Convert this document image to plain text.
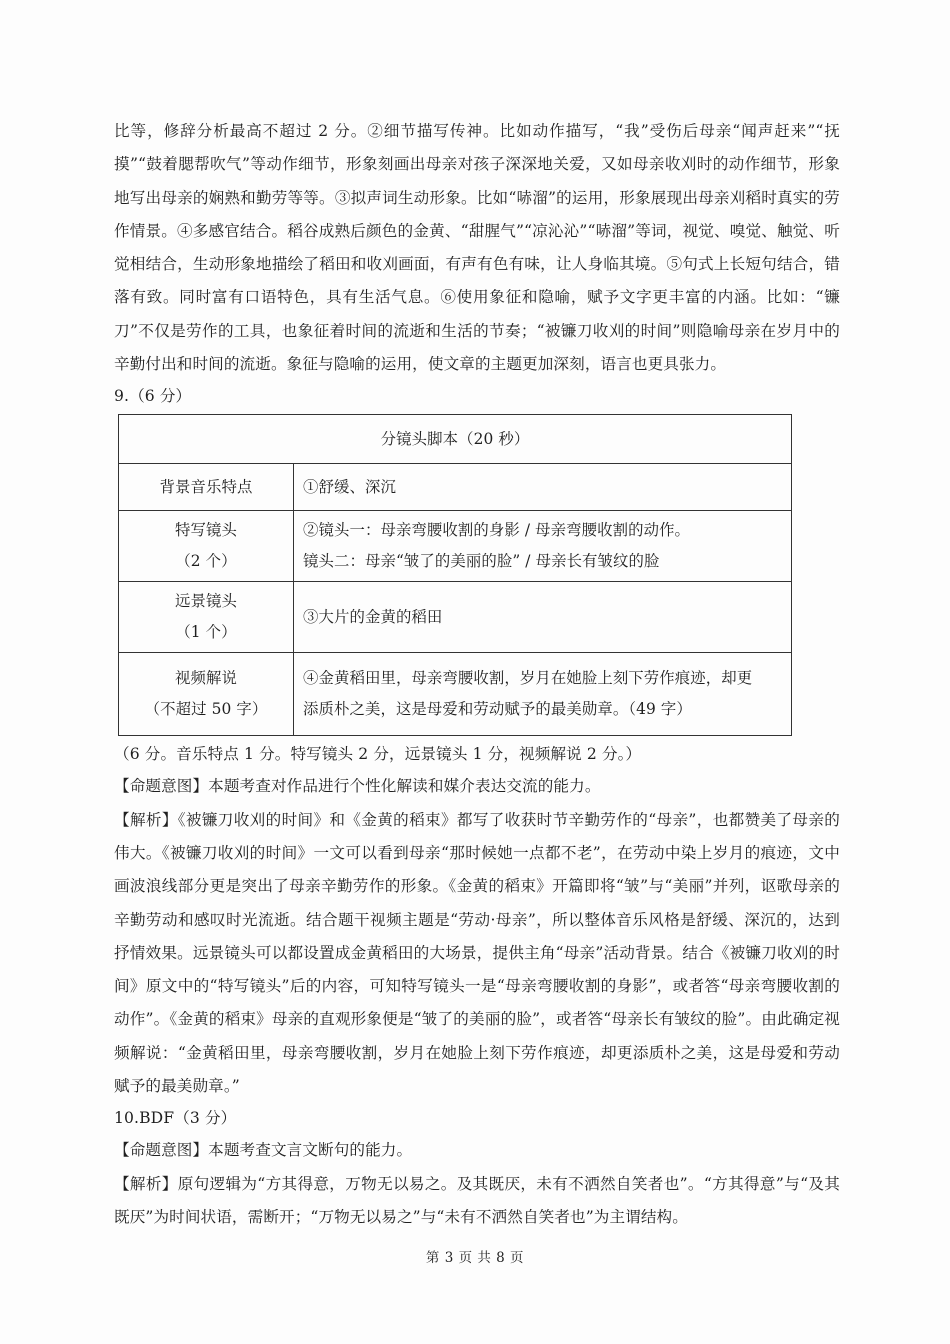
比等，修辞分析最高不超过 2 分。②细节描写传神。比如动作描写，“我”受伤后母亲“闻声赶来”“抚摸”“鼓着腮帮吹气”等动作细节，形象刻画出母亲对孩子深深地关爱，又如母亲收刈时的动作细节，形象地写出母亲的娴熟和勤劳等等。③拟声词生动形象。比如“哧溜”的运用，形象展现出母亲刈稻时真实的劳作情景。④多感官结合。稻谷成熟后颜色的金黄、“甜腥气”“凉沁沁”“哧溜”等词，视觉、嗅觉、触觉、听觉相结合，生动形象地描绘了稻田和收刈画面，有声有色有味，让人身临其境。⑤句式上长短句结合，错落有致。同时富有口语特色，具有生活气息。⑥使用象征和隐喻，赋予文字更丰富的内涵。比如：“镰刀”不仅是劳作的工具，也象征着时间的流逝和生活的节奏；“被镰刀收刈的时间”则隐喻母亲在岁月中的辛勤付出和时间的流逝。象征与隐喻的运用，使文章的主题更加深刻，语言也更具张力。

9.（6 分）

分镜头脚本（20 秒）	

背景音乐特点	①舒缓、深沉

特写镜头
（2 个）	②镜头一：母亲弯腰收割的身影 / 母亲弯腰收割的动作。
镜头二：母亲“皱了的美丽的脸” / 母亲长有皱纹的脸

远景镜头
（1 个）	③大片的金黄的稻田

视频解说
（不超过 50 字）	④金黄稻田里，母亲弯腰收割，岁月在她脸上刻下劳作痕迹，却更
添质朴之美，这是母爱和劳动赋予的最美勋章。（49 字）

（6 分。音乐特点 1 分。特写镜头 2 分，远景镜头 1 分，视频解说 2 分。）

【命题意图】本题考查对作品进行个性化解读和媒介表达交流的能力。

【解析】《被镰刀收刈的时间》和《金黄的稻束》都写了收获时节辛勤劳作的“母亲”，也都赞美了母亲的伟大。《被镰刀收刈的时间》一文可以看到母亲“那时候她一点都不老”，在劳动中染上岁月的痕迹，文中画波浪线部分更是突出了母亲辛勤劳作的形象。《金黄的稻束》开篇即将“皱”与“美丽”并列，讴歌母亲的辛勤劳动和感叹时光流逝。结合题干视频主题是“劳动·母亲”，所以整体音乐风格是舒缓、深沉的，达到抒情效果。远景镜头可以都设置成金黄稻田的大场景，提供主角“母亲”活动背景。结合《被镰刀收刈的时间》原文中的“特写镜头”后的内容，可知特写镜头一是“母亲弯腰收割的身影”，或者答“母亲弯腰收割的动作”。《金黄的稻束》母亲的直观形象便是“皱了的美丽的脸”，或者答“母亲长有皱纹的脸”。由此确定视频解说：“金黄稻田里，母亲弯腰收割，岁月在她脸上刻下劳作痕迹，却更添质朴之美，这是母爱和劳动赋予的最美勋章。”

10.BDF（3 分）

【命题意图】本题考查文言文断句的能力。

【解析】原句逻辑为“方其得意，万物无以易之。及其既厌，未有不洒然自笑者也”。“方其得意”与“及其既厌”为时间状语，需断开；“万物无以易之”与“未有不洒然自笑者也”为主谓结构。

第 3 页 共 8 页
